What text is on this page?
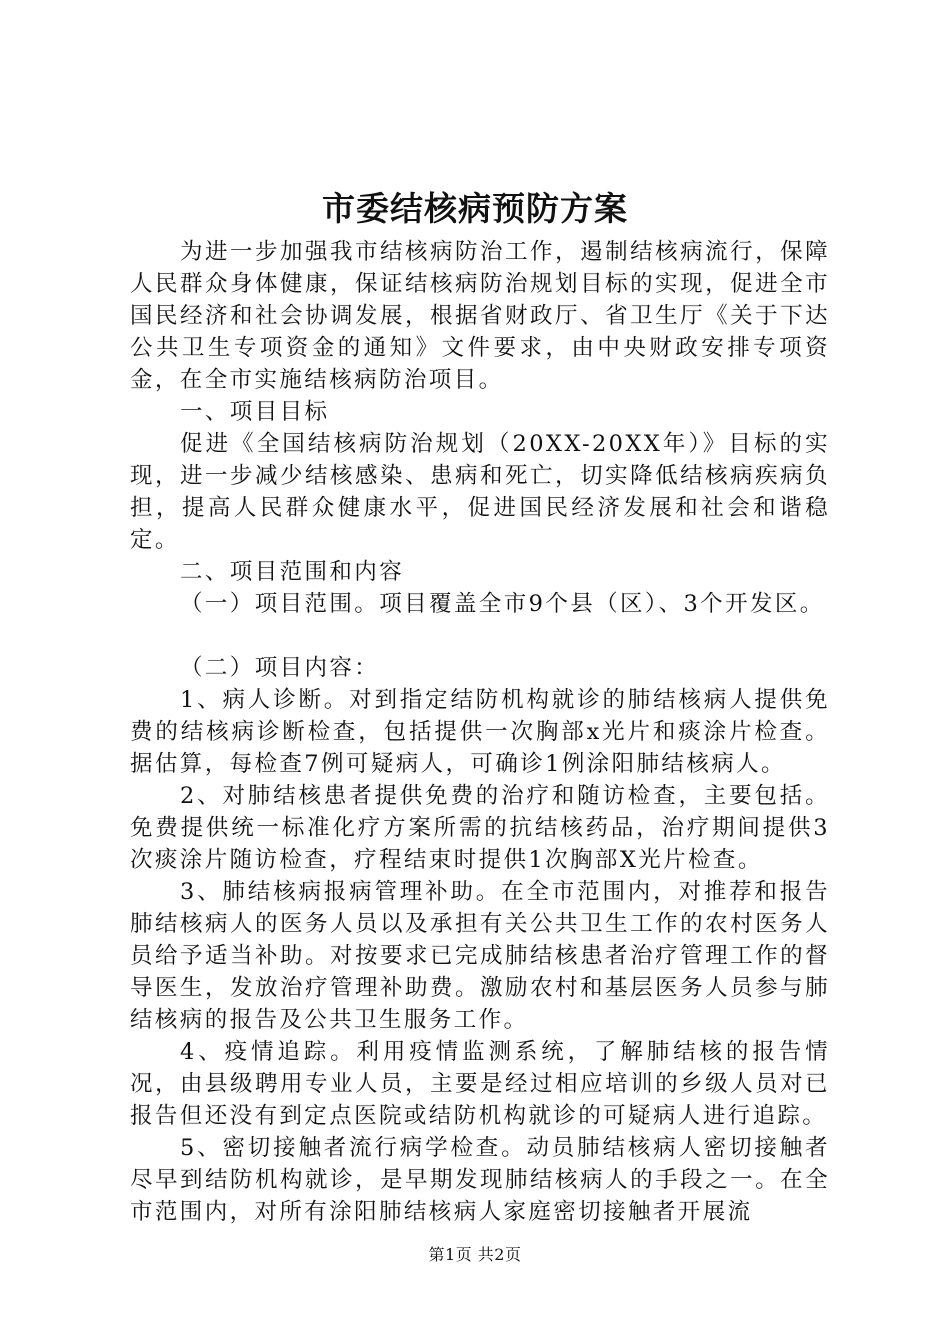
市委结核病预防方案

为进一步加强我市结核病防治工作，遏制结核病流行，保障人民群众身体健康，保证结核病防治规划目标的实现，促进全市国民经济和社会协调发展，根据省财政厅、省卫生厅《关于下达公共卫生专项资金的通知》文件要求，由中央财政安排专项资金，在全市实施结核病防治项目。

一、项目目标

促进《全国结核病防治规划（20XX-20XX年）》目标的实现，进一步减少结核感染、患病和死亡，切实降低结核病疾病负担，提高人民群众健康水平，促进国民经济发展和社会和谐稳定。

二、项目范围和内容

（一）项目范围。项目覆盖全市9个县（区）、3个开发区。

（二）项目内容：

1、病人诊断。对到指定结防机构就诊的肺结核病人提供免费的结核病诊断检查，包括提供一次胸部x光片和痰涂片检查。据估算，每检查7例可疑病人，可确诊1例涂阳肺结核病人。

2、对肺结核患者提供免费的治疗和随访检查，主要包括。免费提供统一标准化疗方案所需的抗结核药品，治疗期间提供3次痰涂片随访检查，疗程结束时提供1次胸部X光片检查。

3、肺结核病报病管理补助。在全市范围内，对推荐和报告肺结核病人的医务人员以及承担有关公共卫生工作的农村医务人员给予适当补助。对按要求已完成肺结核患者治疗管理工作的督导医生，发放治疗管理补助费。激励农村和基层医务人员参与肺结核病的报告及公共卫生服务工作。

4、疫情追踪。利用疫情监测系统，了解肺结核的报告情况，由县级聘用专业人员，主要是经过相应培训的乡级人员对已报告但还没有到定点医院或结防机构就诊的可疑病人进行追踪。

5、密切接触者流行病学检查。动员肺结核病人密切接触者尽早到结防机构就诊，是早期发现肺结核病人的手段之一。在全市范围内，对所有涂阳肺结核病人家庭密切接触者开展流

第1页 共2页
